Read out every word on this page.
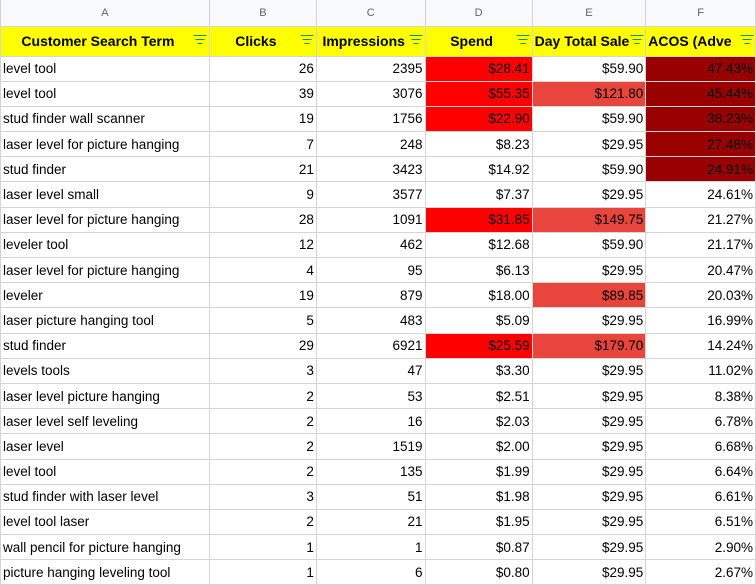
A	B	C	D	E	F

Customer Search Term	Clicks	Impressions	Spend	Day Total Sale	ACOS (Adve

level tool	26	2395	$28.41	$59.90	47.43%
level tool	39	3076	$55.35	$121.80	45.44%
stud finder wall scanner	19	1756	$22.90	$59.90	38.23%
laser level for picture hanging	7	248	$8.23	$29.95	27.48%
stud finder	21	3423	$14.92	$59.90	24.91%
laser level small	9	3577	$7.37	$29.95	24.61%
laser level for picture hanging	28	1091	$31.85	$149.75	21.27%
leveler tool	12	462	$12.68	$59.90	21.17%
laser level for picture hanging	4	95	$6.13	$29.95	20.47%
leveler	19	879	$18.00	$89.85	20.03%
laser picture hanging tool	5	483	$5.09	$29.95	16.99%
stud finder	29	6921	$25.59	$179.70	14.24%
levels tools	3	47	$3.30	$29.95	11.02%
laser level picture hanging	2	53	$2.51	$29.95	8.38%
laser level self leveling	2	16	$2.03	$29.95	6.78%
laser level	2	1519	$2.00	$29.95	6.68%
level tool	2	135	$1.99	$29.95	6.64%
stud finder with laser level	3	51	$1.98	$29.95	6.61%
level tool laser	2	21	$1.95	$29.95	6.51%
wall pencil for picture hanging	1	1	$0.87	$29.95	2.90%
picture hanging leveling tool	1	6	$0.80	$29.95	2.67%
